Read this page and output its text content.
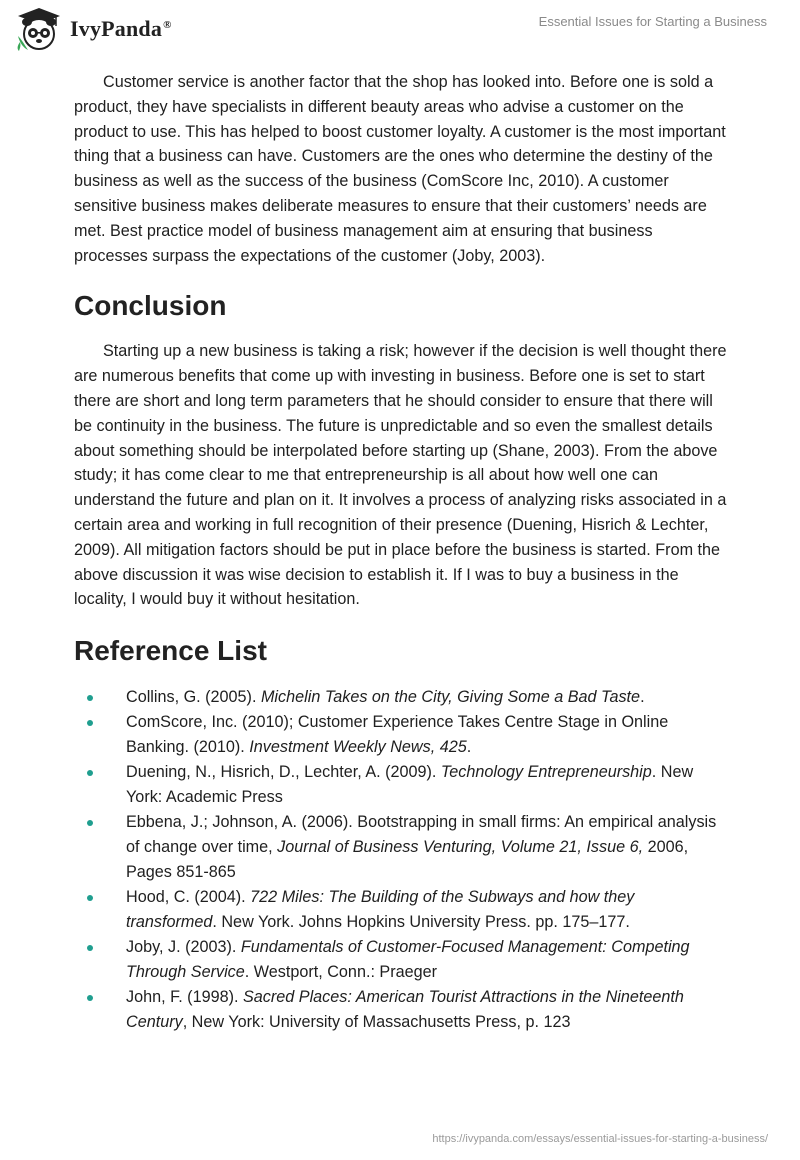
IvyPanda®	Essential Issues for Starting a Business

Customer service is another factor that the shop has looked into. Before one is sold a product, they have specialists in different beauty areas who advise a customer on the product to use. This has helped to boost customer loyalty. A customer is the most important thing that a business can have. Customers are the ones who determine the destiny of the business as well as the success of the business (ComScore Inc, 2010). A customer sensitive business makes deliberate measures to ensure that their customers’ needs are met. Best practice model of business management aim at ensuring that business processes surpass the expectations of the customer (Joby, 2003).

Conclusion

Starting up a new business is taking a risk; however if the decision is well thought there are numerous benefits that come up with investing in business. Before one is set to start there are short and long term parameters that he should consider to ensure that there will be continuity in the business. The future is unpredictable and so even the smallest details about something should be interpolated before starting up (Shane, 2003). From the above study; it has come clear to me that entrepreneurship is all about how well one can understand the future and plan on it. It involves a process of analyzing risks associated in a certain area and working in full recognition of their presence (Duening, Hisrich & Lechter, 2009). All mitigation factors should be put in place before the business is started. From the above discussion it was wise decision to establish it. If I was to buy a business in the locality, I would buy it without hesitation.

Reference List
Collins, G. (2005). Michelin Takes on the City, Giving Some a Bad Taste.
ComScore, Inc. (2010); Customer Experience Takes Centre Stage in Online Banking. (2010). Investment Weekly News, 425.
Duening, N., Hisrich, D., Lechter, A. (2009). Technology Entrepreneurship. New York: Academic Press
Ebbena, J.; Johnson, A. (2006). Bootstrapping in small firms: An empirical analysis of change over time, Journal of Business Venturing, Volume 21, Issue 6, 2006, Pages 851-865
Hood, C. (2004). 722 Miles: The Building of the Subways and how they transformed. New York. Johns Hopkins University Press. pp. 175–177.
Joby, J. (2003). Fundamentals of Customer-Focused Management: Competing Through Service. Westport, Conn.: Praeger
John, F. (1998). Sacred Places: American Tourist Attractions in the Nineteenth Century, New York: University of Massachusetts Press, p. 123
https://ivypanda.com/essays/essential-issues-for-starting-a-business/
